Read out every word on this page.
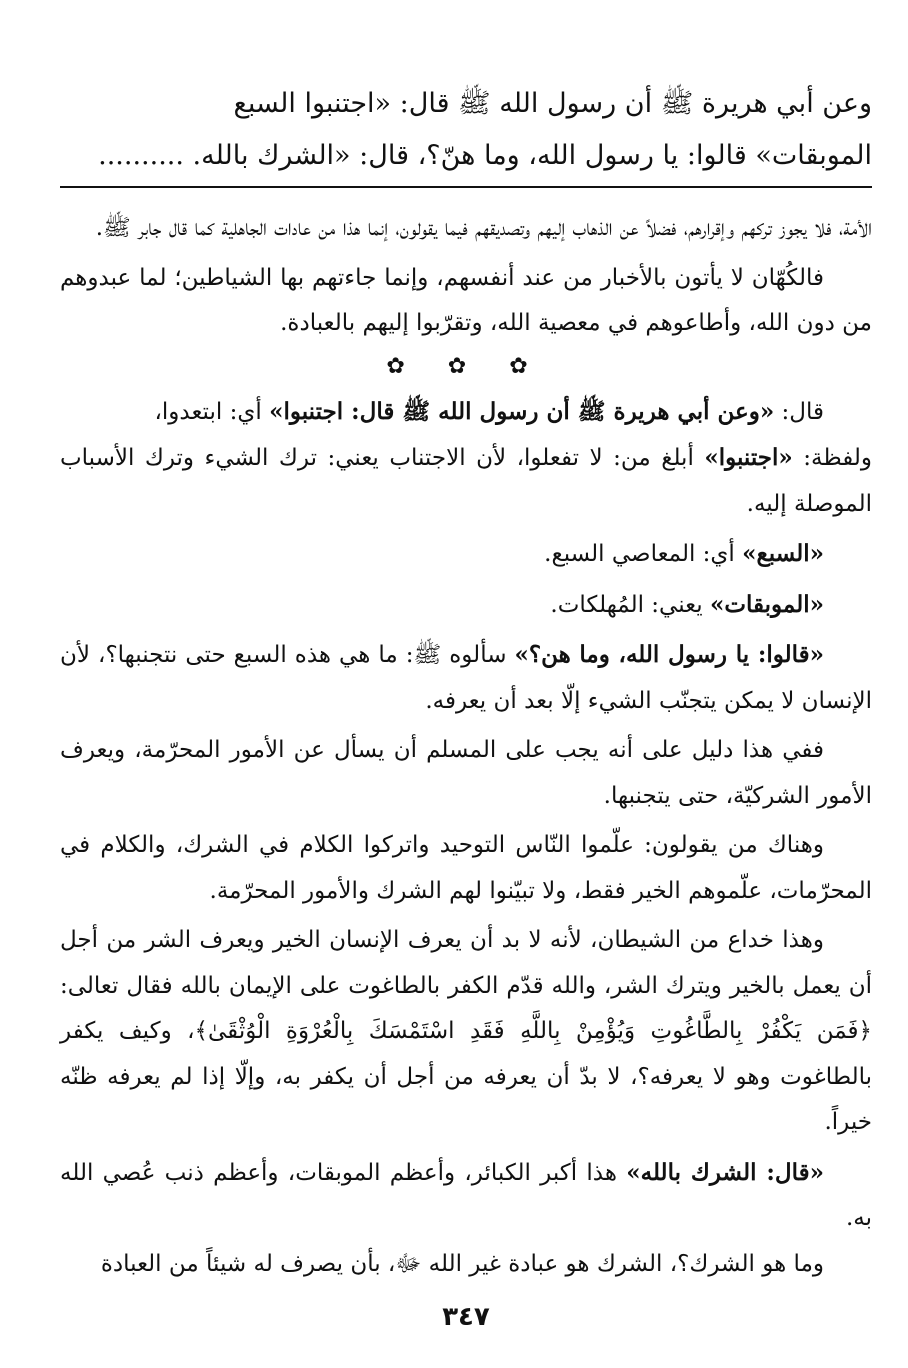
وعن أبي هريرة ﷺ أن رسول الله ﷺ قال: «اجتنبوا السبع

الموبقات» قالوا: يا رسول الله، وما هنّ؟، قال: «الشرك بالله. ..........

الأمة، فلا يجوز تركهم وإقرارهم، فضلاً عن الذهاب إليهم وتصديقهم فيما يقولون، إنما هذا من عادات الجاهلية كما قال جابر ﷺ.

فالكُهّان لا يأتون بالأخبار من عند أنفسهم، وإنما جاءتهم بها الشياطين؛ لما عبدوهم من دون الله، وأطاعوهم في معصية الله، وتقرّبوا إليهم بالعبادة.

✿ ✿ ✿

قال: «وعن أبي هريرة ﷺ أن رسول الله ﷺ قال: اجتنبوا» أي: ابتعدوا،

ولفظة: «اجتنبوا» أبلغ من: لا تفعلوا، لأن الاجتناب يعني: ترك الشيء وترك الأسباب الموصلة إليه.

«السبع» أي: المعاصي السبع.

«الموبقات» يعني: المُهلكات.

«قالوا: يا رسول الله، وما هن؟» سألوه ﷺ: ما هي هذه السبع حتى نتجنبها؟، لأن الإنسان لا يمكن يتجنّب الشيء إلّا بعد أن يعرفه.

ففي هذا دليل على أنه يجب على المسلم أن يسأل عن الأمور المحرّمة، ويعرف الأمور الشركيّة، حتى يتجنبها.

وهناك من يقولون: علّموا النّاس التوحيد واتركوا الكلام في الشرك، والكلام في المحرّمات، علّموهم الخير فقط، ولا تبيّنوا لهم الشرك والأمور المحرّمة.

وهذا خداع من الشيطان، لأنه لا بد أن يعرف الإنسان الخير ويعرف الشر من أجل أن يعمل بالخير ويترك الشر، والله قدّم الكفر بالطاغوت على الإيمان بالله فقال تعالى: ﴿فَمَن يَكْفُرْ بِالطَّاغُوتِ وَيُؤْمِنْ بِاللَّهِ فَقَدِ اسْتَمْسَكَ بِالْعُرْوَةِ الْوُثْقَىٰ﴾، وكيف يكفر بالطاغوت وهو لا يعرفه؟، لا بدّ أن يعرفه من أجل أن يكفر به، وإلّا إذا لم يعرفه ظنّه خيراً.

«قال: الشرك بالله» هذا أكبر الكبائر، وأعظم الموبقات، وأعظم ذنب عُصي الله به.

وما هو الشرك؟، الشرك هو عبادة غير الله ﷻ، بأن يصرف له شيئاً من العبادة

٣٤٧
